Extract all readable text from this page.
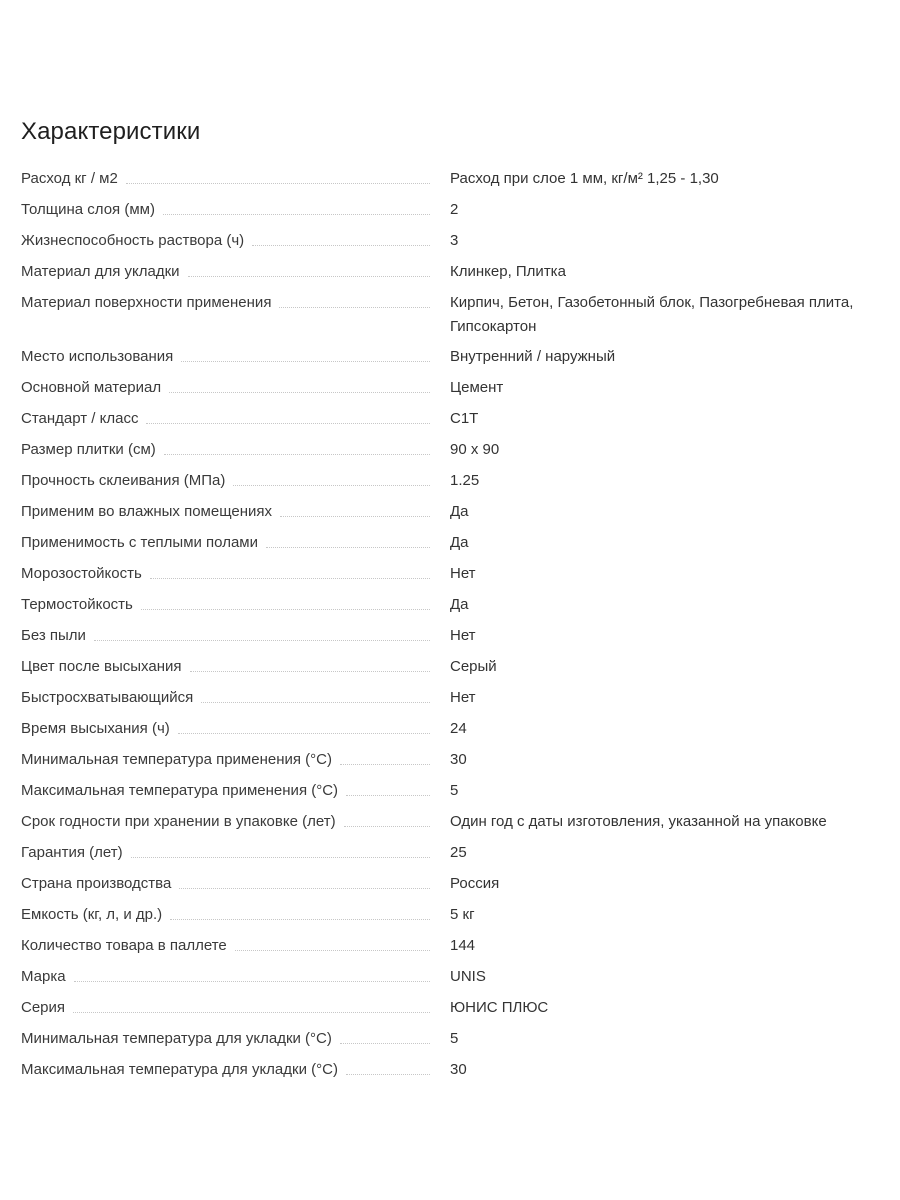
Характеристики
Расход кг / м2	Расход при слое 1 мм, кг/м² 1,25 - 1,30
Толщина слоя (мм)	2
Жизнеспособность раствора (ч)	3
Материал для укладки	Клинкер, Плитка
Материал поверхности применения	Кирпич, Бетон, Газобетонный блок, Пазогребневая плита, Гипсокартон
Место использования	Внутренний / наружный
Основной материал	Цемент
Стандарт / класс	C1T
Размер плитки (см)	90 х 90
Прочность склеивания (МПа)	1.25
Применим во влажных помещениях	Да
Применимость с теплыми полами	Да
Морозостойкость	Нет
Термостойкость	Да
Без пыли	Нет
Цвет после высыхания	Серый
Быстросхватывающийся	Нет
Время высыхания (ч)	24
Минимальная температура применения (°C)	30
Максимальная температура применения (°C)	5
Срок годности при хранении в упаковке (лет)	Один год с даты изготовления, указанной на упаковке
Гарантия (лет)	25
Страна производства	Россия
Емкость (кг, л, и др.)	5 кг
Количество товара в паллете	144
Марка	UNIS
Серия	ЮНИС ПЛЮС
Минимальная температура для укладки (°C)	5
Максимальная температура для укладки (°C)	30
